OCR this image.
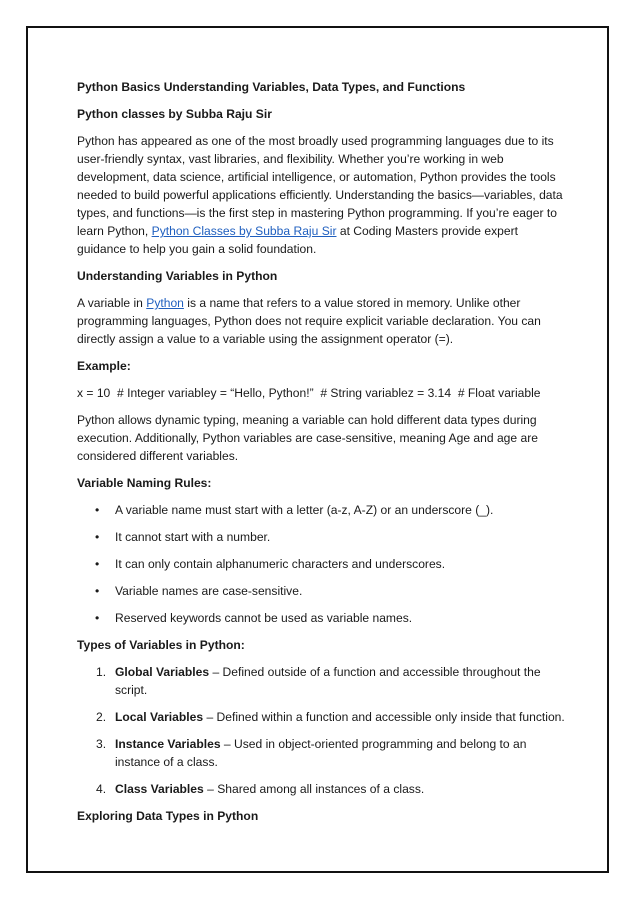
Python Basics Understanding Variables, Data Types, and Functions

Python classes by Subba Raju Sir

Python has appeared as one of the most broadly used programming languages due to its user-friendly syntax, vast libraries, and flexibility. Whether you’re working in web development, data science, artificial intelligence, or automation, Python provides the tools needed to build powerful applications efficiently. Understanding the basics—variables, data types, and functions—is the first step in mastering Python programming. If you’re eager to learn Python, Python Classes by Subba Raju Sir at Coding Masters provide expert guidance to help you gain a solid foundation.

Understanding Variables in Python

A variable in Python is a name that refers to a value stored in memory. Unlike other programming languages, Python does not require explicit variable declaration. You can directly assign a value to a variable using the assignment operator (=).

Example:

x = 10  # Integer variabley = “Hello, Python!”  # String variablez = 3.14  # Float variable

Python allows dynamic typing, meaning a variable can hold different data types during execution. Additionally, Python variables are case-sensitive, meaning Age and age are considered different variables.

Variable Naming Rules:

• A variable name must start with a letter (a-z, A-Z) or an underscore (_).
• It cannot start with a number.
• It can only contain alphanumeric characters and underscores.
• Variable names are case-sensitive.
• Reserved keywords cannot be used as variable names.

Types of Variables in Python:

1. Global Variables – Defined outside of a function and accessible throughout the script.
2. Local Variables – Defined within a function and accessible only inside that function.
3. Instance Variables – Used in object-oriented programming and belong to an instance of a class.
4. Class Variables – Shared among all instances of a class.

Exploring Data Types in Python
